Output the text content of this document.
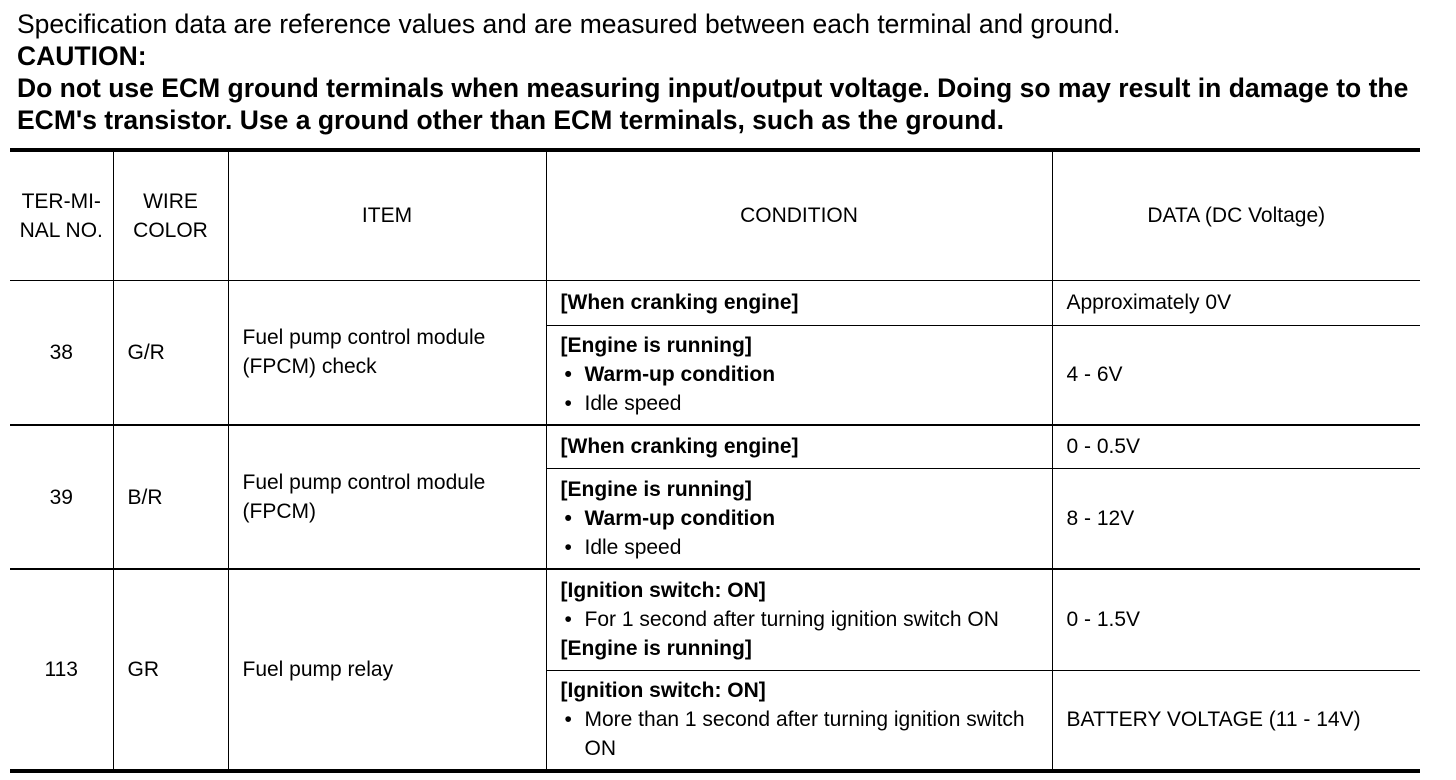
Specification data are reference values and are measured between each terminal and ground.
CAUTION:
Do not use ECM ground terminals when measuring input/output voltage. Doing so may result in damage to the ECM's transistor. Use a ground other than ECM terminals, such as the ground.
TER-MI-NAL NO.	WIRE COLOR	ITEM	CONDITION	DATA (DC Voltage)
38	G/R	Fuel pump control module (FPCM) check	[When cranking engine]	Approximately 0V

			[Engine is running]
• Warm-up condition
• Idle speed	4 - 6V
39	B/R	Fuel pump control module (FPCM)	[When cranking engine]	0 - 0.5V

			[Engine is running]
• Warm-up condition
• Idle speed	8 - 12V
113	GR	Fuel pump relay	[Ignition switch: ON]
• For 1 second after turning ignition switch ON
[Engine is running]	0 - 1.5V

			[Ignition switch: ON]
• More than 1 second after turning ignition switch ON	BATTERY VOLTAGE (11 - 14V)
